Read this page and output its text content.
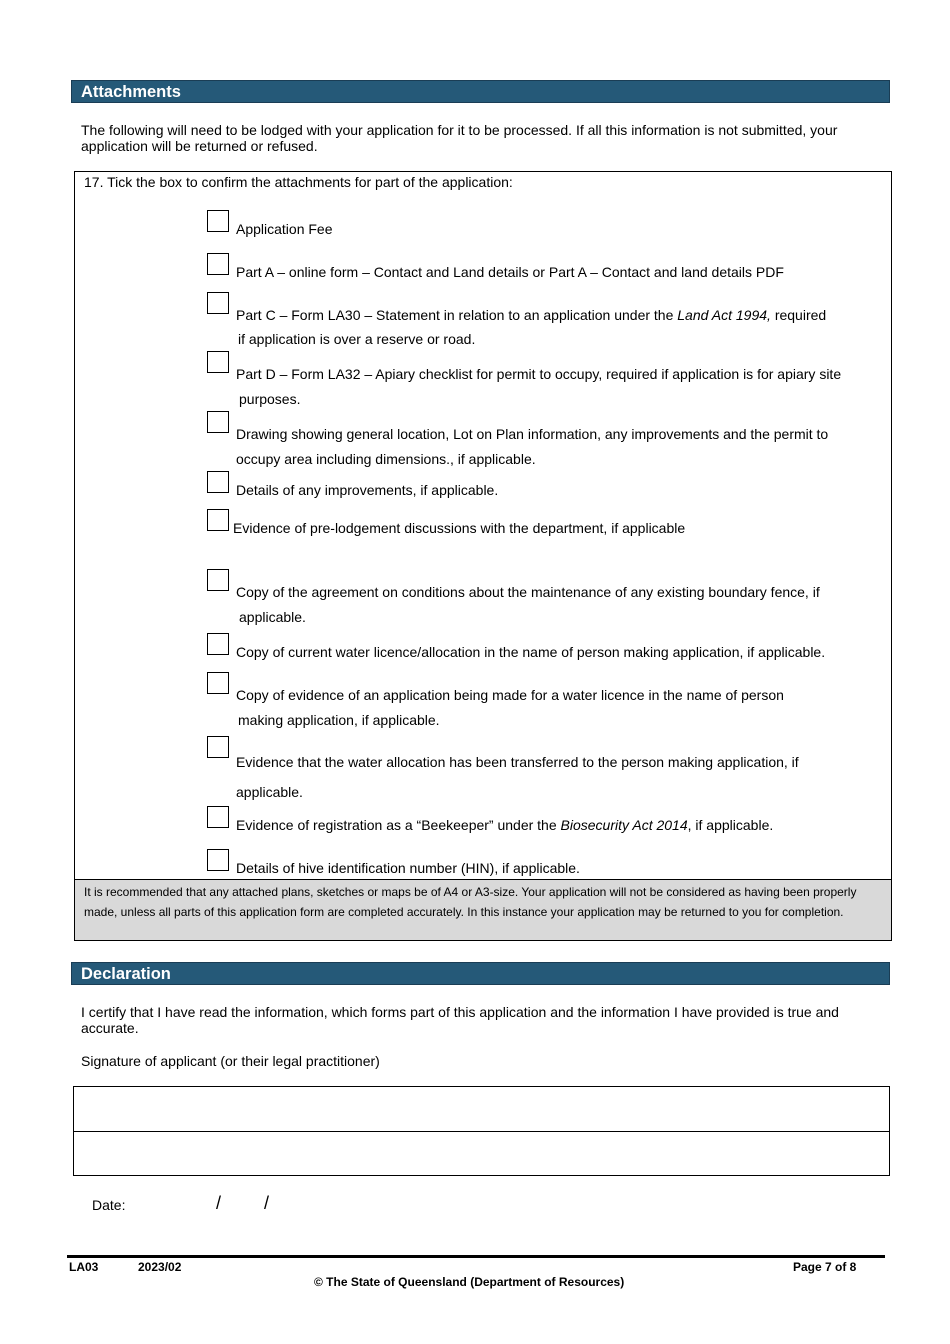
Attachments
The following will need to be lodged with your application for it to be processed. If all this information is not submitted, your application will be returned or refused.
17. Tick the box to confirm the attachments for part of the application:
Application Fee
Part A – online form – Contact and Land details or Part A – Contact and land details PDF
Part C – Form LA30 – Statement in relation to an application under the Land Act 1994, required
if application is over a reserve or road.
Part D – Form LA32 – Apiary checklist for permit to occupy, required if application is for apiary site
purposes.
Drawing showing general location, Lot on Plan information, any improvements and the permit to
occupy area including dimensions., if applicable.
Details of any improvements, if applicable.
Evidence of pre-lodgement discussions with the department, if applicable
Copy of the agreement on conditions about the maintenance of any existing boundary fence, if
applicable.
Copy of current water licence/allocation in the name of person making application, if applicable.
Copy of evidence of an application being made for a water licence in the name of person
making application, if applicable.
Evidence that the water allocation has been transferred to the person making application, if
applicable.
Evidence of registration as a “Beekeeper” under the Biosecurity Act 2014, if applicable.
Details of hive identification number (HIN), if applicable.
It is recommended that any attached plans, sketches or maps be of A4 or A3-size. Your application will not be considered as having been properly made, unless all parts of this application form are completed accurately. In this instance your application may be returned to you for completion.
Declaration
I certify that I have read the information, which forms part of this application and the information I have provided is true and accurate.
Signature of applicant (or their legal practitioner)
Date:	/ /
LA03	2023/02	Page 7 of 8
© The State of Queensland (Department of Resources)
